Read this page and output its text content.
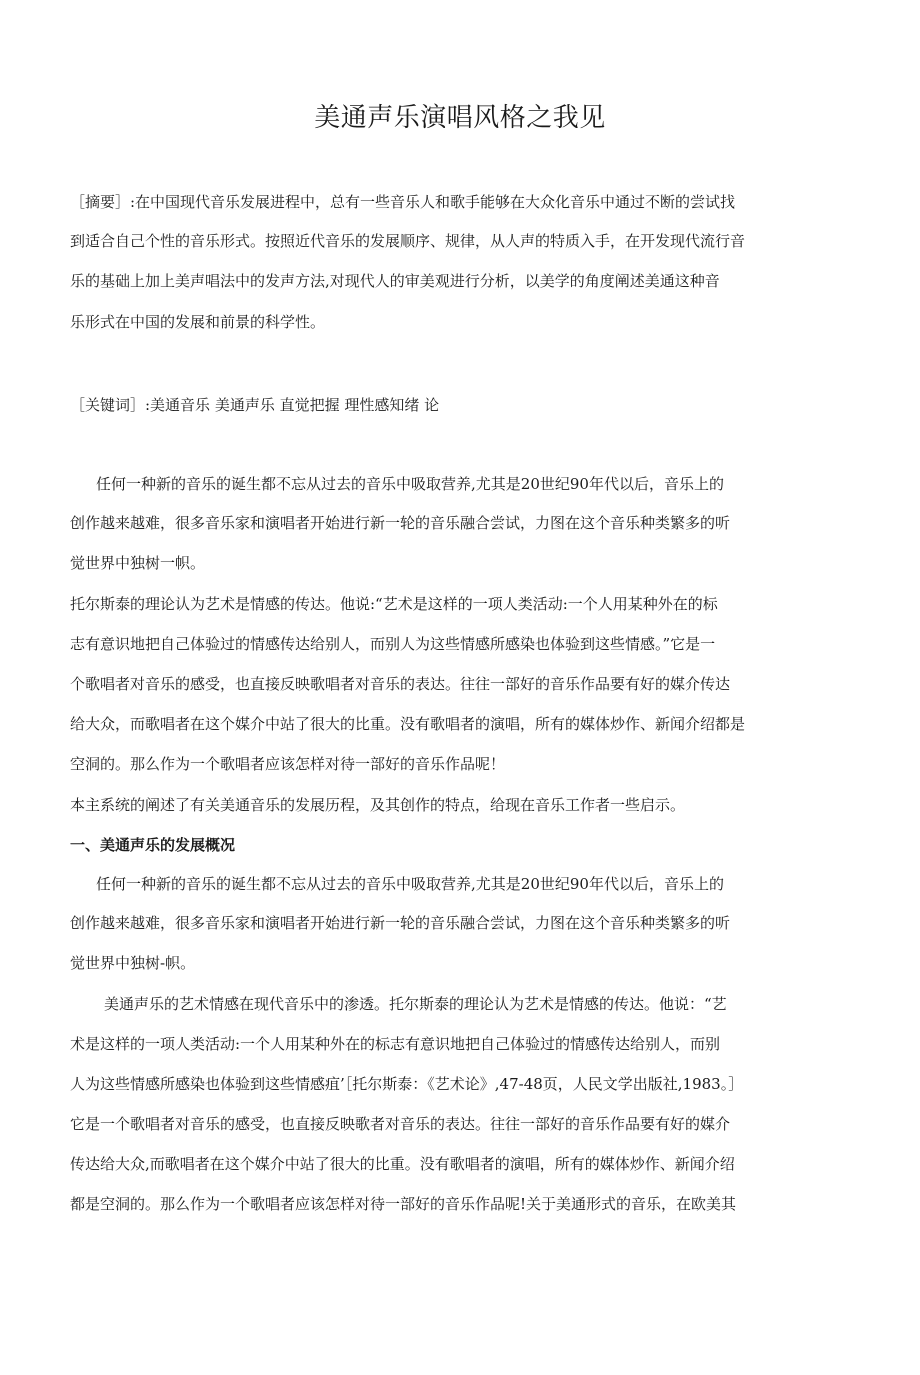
美通声乐演唱风格之我见
［摘要］:在中国现代音乐发展进程中，总有一些音乐人和歌手能够在大众化音乐中通过不断的尝试找
到适合自己个性的音乐形式。按照近代音乐的发展顺序、规律，从人声的特质入手，在开发现代流行音
乐的基础上加上美声唱法中的发声方法,对现代人的审美观进行分析，以美学的角度阐述美通这种音
乐形式在中国的发展和前景的科学性。
［关键词］:美通音乐 美通声乐 直觉把握 理性感知绪 论
任何一种新的音乐的诞生都不忘从过去的音乐中吸取营养,尤其是20世纪90年代以后，音乐上的
创作越来越难，很多音乐家和演唱者开始进行新一轮的音乐融合尝试，力图在这个音乐种类繁多的听
觉世界中独树一帜。
托尔斯泰的理论认为艺术是情感的传达。他说:“艺术是这样的一项人类活动:一个人用某种外在的标
志有意识地把自己体验过的情感传达给别人，而别人为这些情感所感染也体验到这些情感。”它是一
个歌唱者对音乐的感受，也直接反映歌唱者对音乐的表达。往往一部好的音乐作品要有好的媒介传达
给大众，而歌唱者在这个媒介中站了很大的比重。没有歌唱者的演唱，所有的媒体炒作、新闻介绍都是
空洞的。那么作为一个歌唱者应该怎样对待一部好的音乐作品呢！
本主系统的阐述了有关美通音乐的发展历程，及其创作的特点，给现在音乐工作者一些启示。
一、美通声乐的发展概况
任何一种新的音乐的诞生都不忘从过去的音乐中吸取营养,尤其是20世纪90年代以后，音乐上的
创作越来越难，很多音乐家和演唱者开始进行新一轮的音乐融合尝试，力图在这个音乐种类繁多的听
觉世界中独树-帜。
美通声乐的艺术情感在现代音乐中的渗透。托尔斯泰的理论认为艺术是情感的传达。他说：“艺
术是这样的一项人类活动:一个人用某种外在的标志有意识地把自己体验过的情感传达给别人，而别
人为这些情感所感染也体验到这些情感疽’［托尔斯泰：《艺术论》,47-48页，人民文学出版社,1983。］
它是一个歌唱者对音乐的感受，也直接反映歌者对音乐的表达。往往一部好的音乐作品要有好的媒介
传达给大众,而歌唱者在这个媒介中站了很大的比重。没有歌唱者的演唱，所有的媒体炒作、新闻介绍
都是空洞的。那么作为一个歌唱者应该怎样对待一部好的音乐作品呢!关于美通形式的音乐，在欧美其
